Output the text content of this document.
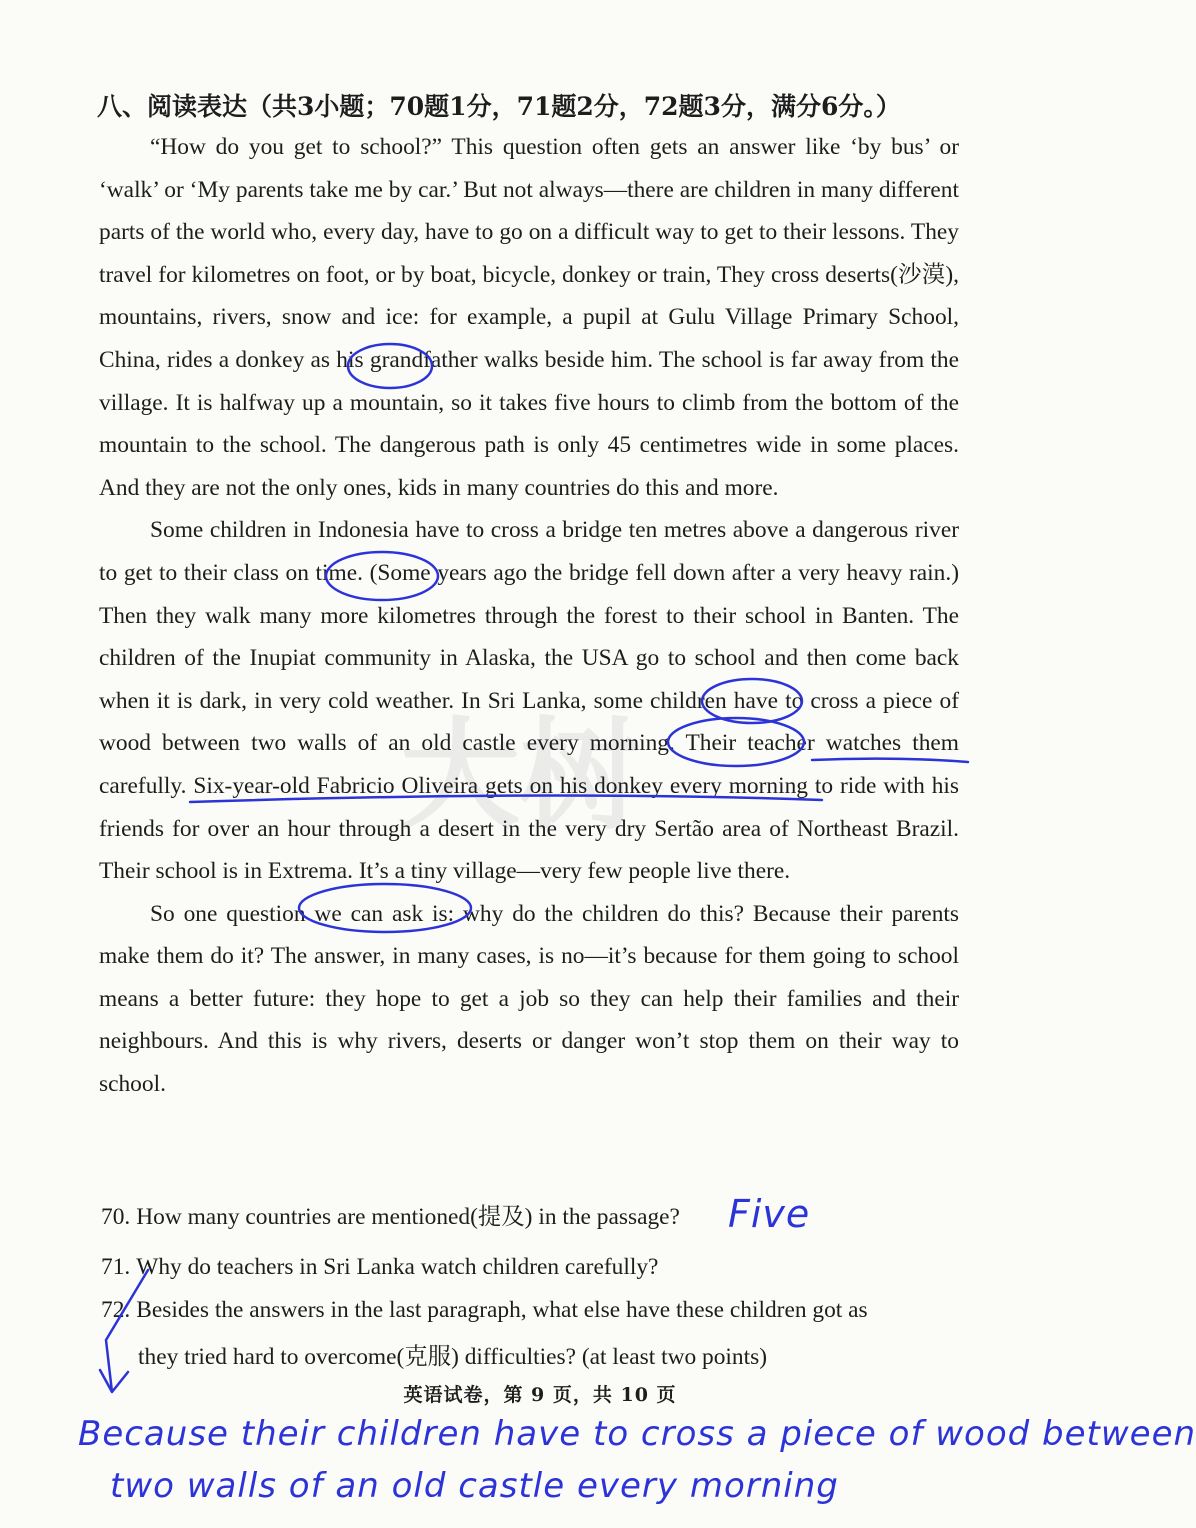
大树
八、阅读表达（共3小题；70题1分，71题2分，72题3分，满分6分。）

“How do you get to school?” This question often gets an answer like ‘by bus’ or ‘walk’ or ‘My parents take me by car.’ But not always—there are children in many different parts of the world who, every day, have to go on a difficult way to get to their lessons. They travel for kilometres on foot, or by boat, bicycle, donkey or train, They cross deserts(沙漠), mountains, rivers, snow and ice: for example, a pupil at Gulu Village Primary School, China, rides a donkey as his grandfather walks beside him. The school is far away from the village. It is halfway up a mountain, so it takes five hours to climb from the bottom of the mountain to the school. The dangerous path is only 45 centimetres wide in some places. And they are not the only ones, kids in many countries do this and more.

Some children in Indonesia have to cross a bridge ten metres above a dangerous river to get to their class on time. (Some years ago the bridge fell down after a very heavy rain.) Then they walk many more kilometres through the forest to their school in Banten. The children of the Inupiat community in Alaska, the USA go to school and then come back when it is dark, in very cold weather. In Sri Lanka, some children have to cross a piece of wood between two walls of an old castle every morning. Their teacher watches them carefully. Six-year-old Fabricio Oliveira gets on his donkey every morning to ride with his friends for over an hour through a desert in the very dry Sertão area of Northeast Brazil. Their school is in Extrema. It’s a tiny village—very few people live there.

So one question we can ask is: why do the children do this? Because their parents make them do it? The answer, in many cases, is no—it’s because for them going to school means a better future: they hope to get a job so they can help their families and their neighbours. And this is why rivers, deserts or danger won’t stop them on their way to school.

70. How many countries are mentioned(提及) in the passage?
71. Why do teachers in Sri Lanka watch children carefully?
72. Besides the answers in the last paragraph, what else have these children got as
they tried hard to overcome(克服) difficulties? (at least two points)
英语试卷，第 9 页，共 10 页
Five
Because their children have to cross a piece of wood between
two walls of an old castle every morning
